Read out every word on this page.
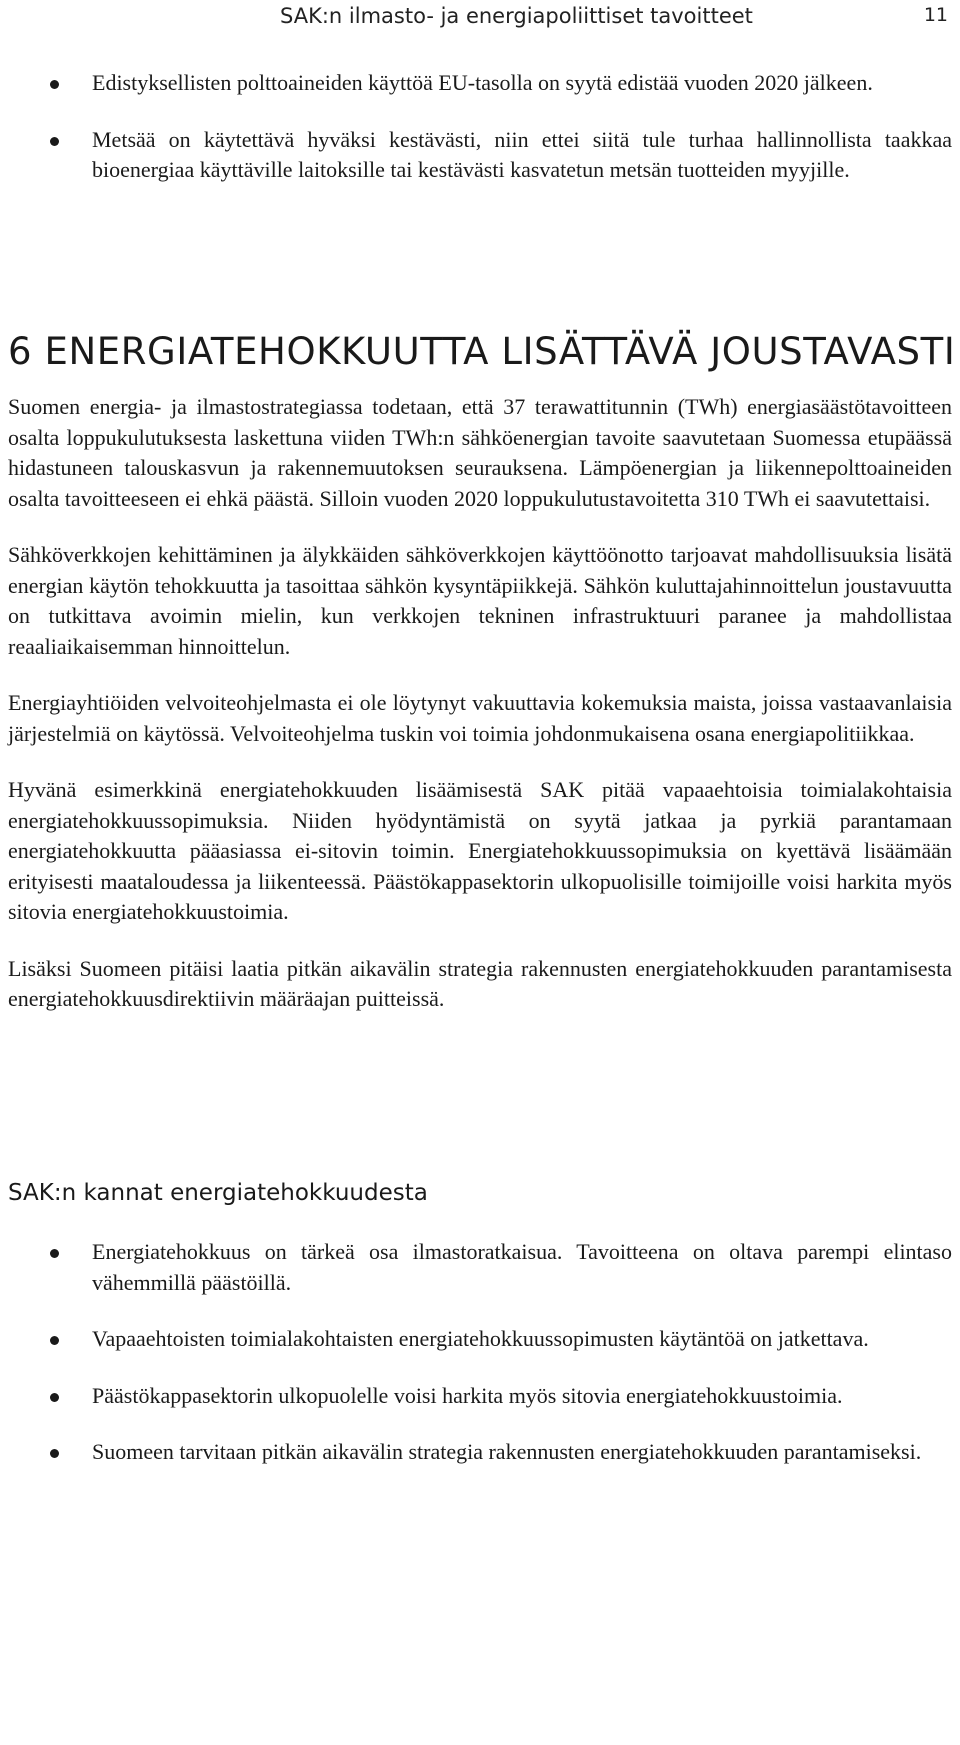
SAK:n ilmasto- ja energiapoliittiset tavoitteet	11

Edistyksellisten polttoaineiden käyttöä EU-tasolla on syytä edistää vuoden 2020 jälkeen.

Metsää on käytettävä hyväksi kestävästi, niin ettei siitä tule turhaa hallinnollista taakkaa bioenergiaa käyttäville laitoksille tai kestävästi kasvatetun metsän tuotteiden myyjille.

6 ENERGIATEHOKKUUTTA LISÄTTÄVÄ JOUSTAVASTI

Suomen energia- ja ilmastostrategiassa todetaan, että 37 terawattitunnin (TWh) energiasäästötavoitteen osalta loppukulutuksesta laskettuna viiden TWh:n sähköenergian tavoite saavutetaan Suomessa etupäässä hidastuneen talouskasvun ja rakennemuutoksen seurauksena. Lämpöenergian ja liikennepolttoaineiden osalta tavoitteeseen ei ehkä päästä. Silloin vuoden 2020 loppukulutustavoitetta 310 TWh ei saavutettaisi.

Sähköverkkojen kehittäminen ja älykkäiden sähköverkkojen käyttöönotto tarjoavat mahdollisuuksia lisätä energian käytön tehokkuutta ja tasoittaa sähkön kysyntäpiikkejä. Sähkön kuluttajahinnoittelun joustavuutta on tutkittava avoimin mielin, kun verkkojen tekninen infrastruktuuri paranee ja mahdollistaa reaaliaikaisemman hinnoittelun.

Energiayhtiöiden velvoiteohjelmasta ei ole löytynyt vakuuttavia kokemuksia maista, joissa vastaavanlaisia järjestelmiä on käytössä. Velvoiteohjelma tuskin voi toimia johdonmukaisena osana energiapolitiikkaa.

Hyvänä esimerkkinä energiatehokkuuden lisäämisestä SAK pitää vapaaehtoisia toimialakohtaisia energiatehokkuussopimuksia. Niiden hyödyntämistä on syytä jatkaa ja pyrkiä parantamaan energiatehokkuutta pääasiassa ei-sitovin toimin. Energiatehokkuussopimuksia on kyettävä lisäämään erityisesti maataloudessa ja liikenteessä. Päästökappasektorin ulkopuolisille toimijoille voisi harkita myös sitovia energiatehokkuustoimia.

Lisäksi Suomeen pitäisi laatia pitkän aikavälin strategia rakennusten energiatehokkuuden parantamisesta energiatehokkuusdirektiivin määräajan puitteissä.

SAK:n kannat energiatehokkuudesta

Energiatehokkuus on tärkeä osa ilmastoratkaisua. Tavoitteena on oltava parempi elintaso vähemmillä päästöillä.

Vapaaehtoisten toimialakohtaisten energiatehokkuussopimusten käytäntöä on jatkettava.

Päästökappasektorin ulkopuolelle voisi harkita myös sitovia energiatehokkuustoimia.

Suomeen tarvitaan pitkän aikavälin strategia rakennusten energiatehokkuuden parantamiseksi.
